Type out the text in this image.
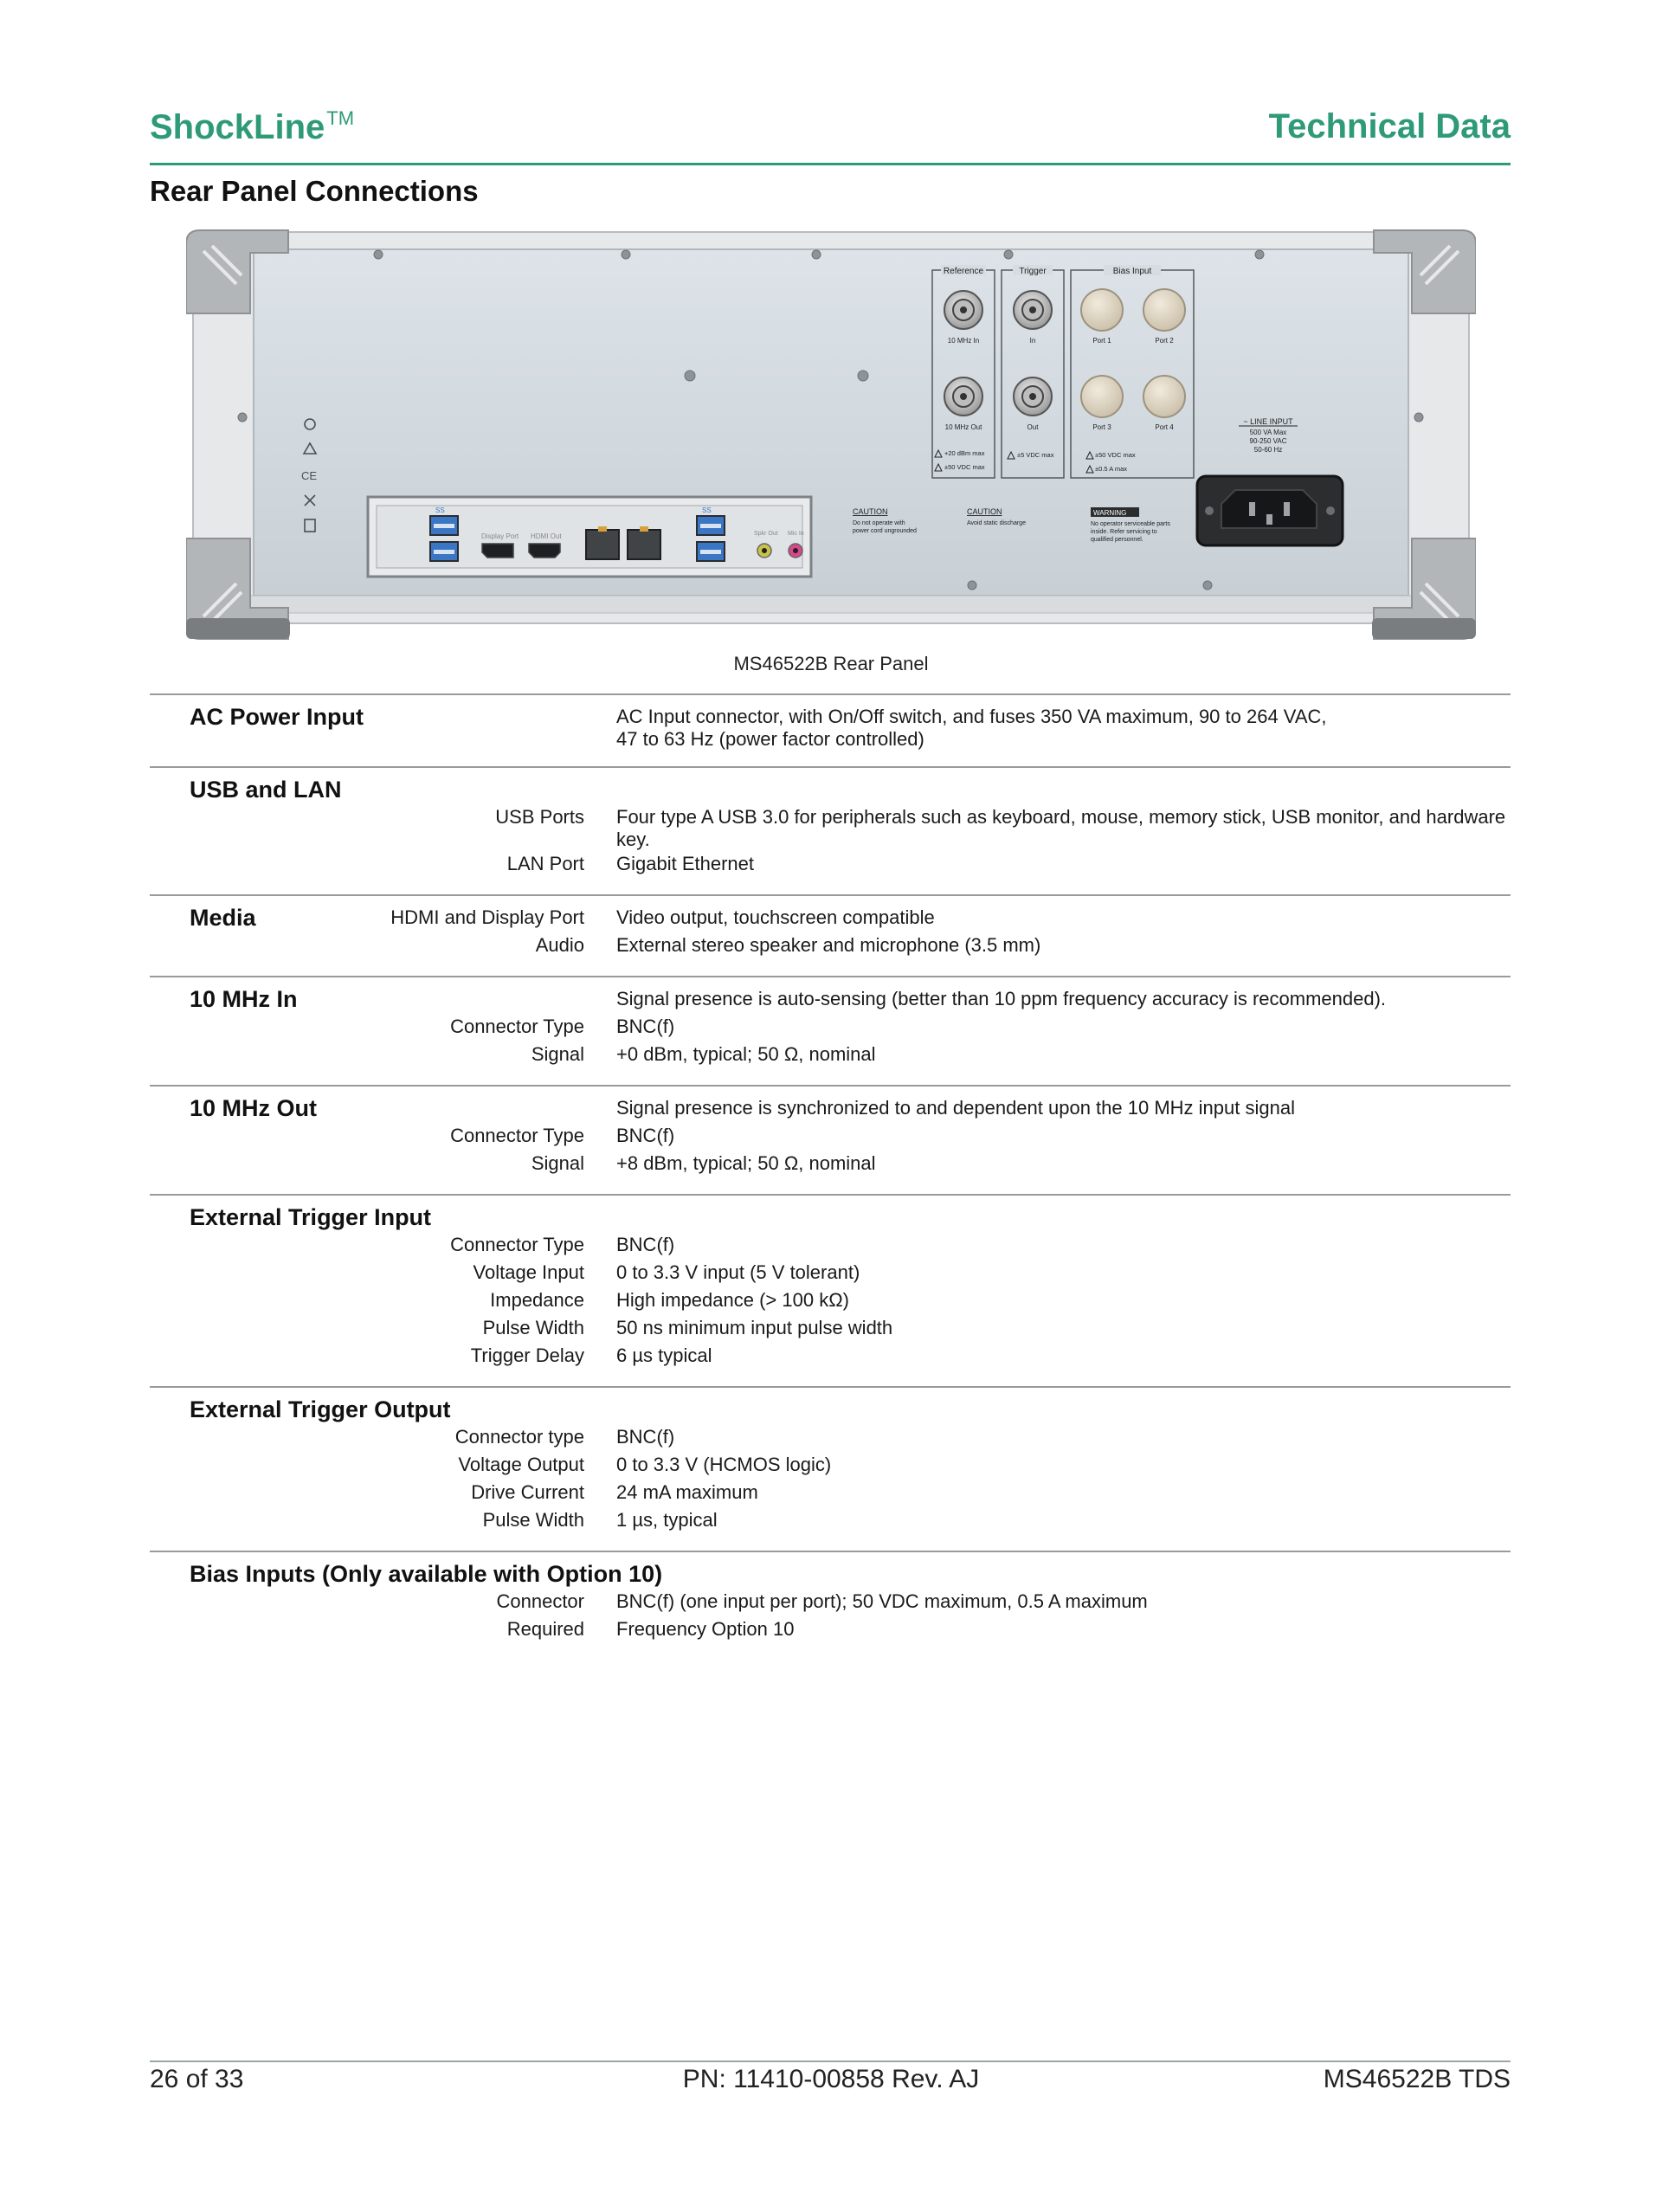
ShockLine™	Technical Data
Rear Panel Connections
CE
SS
Display Port HDMI Out
SS
Spkr Out Mic In
Reference	Trigger	Bias Input
10 MHz In	In	Port 1	Port 2
10 MHz Out	Out	Port 3	Port 4
+20 dBm max
±50 VDC max
±5 VDC max	±50 VDC max
±0.5 A max
~ LINE INPUT
500 VA Max
90-250 VAC
50-60 Hz
CAUTION
Do not operate with
power cord ungrounded
CAUTION
Avoid static discharge
WARNING
No operator serviceable parts
inside. Refer servicing to
qualified personnel.
MS46522B Rear Panel
AC Power Input	AC Input connector, with On/Off switch, and fuses 350 VA maximum, 90 to 264 VAC,
47 to 63 Hz (power factor controlled)
USB and LAN
USB Ports Four type A USB 3.0 for peripherals such as keyboard, mouse, memory stick, USB monitor, and hardware
key.
LAN Port	Gigabit Ethernet
Media	HDMI and Display Port	Video output, touchscreen compatible
Audio	External stereo speaker and microphone (3.5 mm)
10 MHz In	Signal presence is auto-sensing (better than 10 ppm frequency accuracy is recommended).
Connector Type	BNC(f)
Signal	+0 dBm, typical; 50 Ω, nominal
10 MHz Out	Signal presence is synchronized to and dependent upon the 10 MHz input signal
Connector Type	BNC(f)
Signal	+8 dBm, typical; 50 Ω, nominal
External Trigger Input
Connector Type	BNC(f)
Voltage Input	0 to 3.3 V input (5 V tolerant)
Impedance	High impedance (> 100 kΩ)
Pulse Width	50 ns minimum input pulse width
Trigger Delay	6 µs typical
External Trigger Output
Connector type	BNC(f)
Voltage Output	0 to 3.3 V (HCMOS logic)
Drive Current	24 mA maximum
Pulse Width	1 µs, typical
Bias Inputs (Only available with Option 10)
Connector	BNC(f) (one input per port); 50 VDC maximum, 0.5 A maximum
Required	Frequency Option 10
26 of 33	PN: 11410-00858 Rev. AJ	MS46522B TDS
